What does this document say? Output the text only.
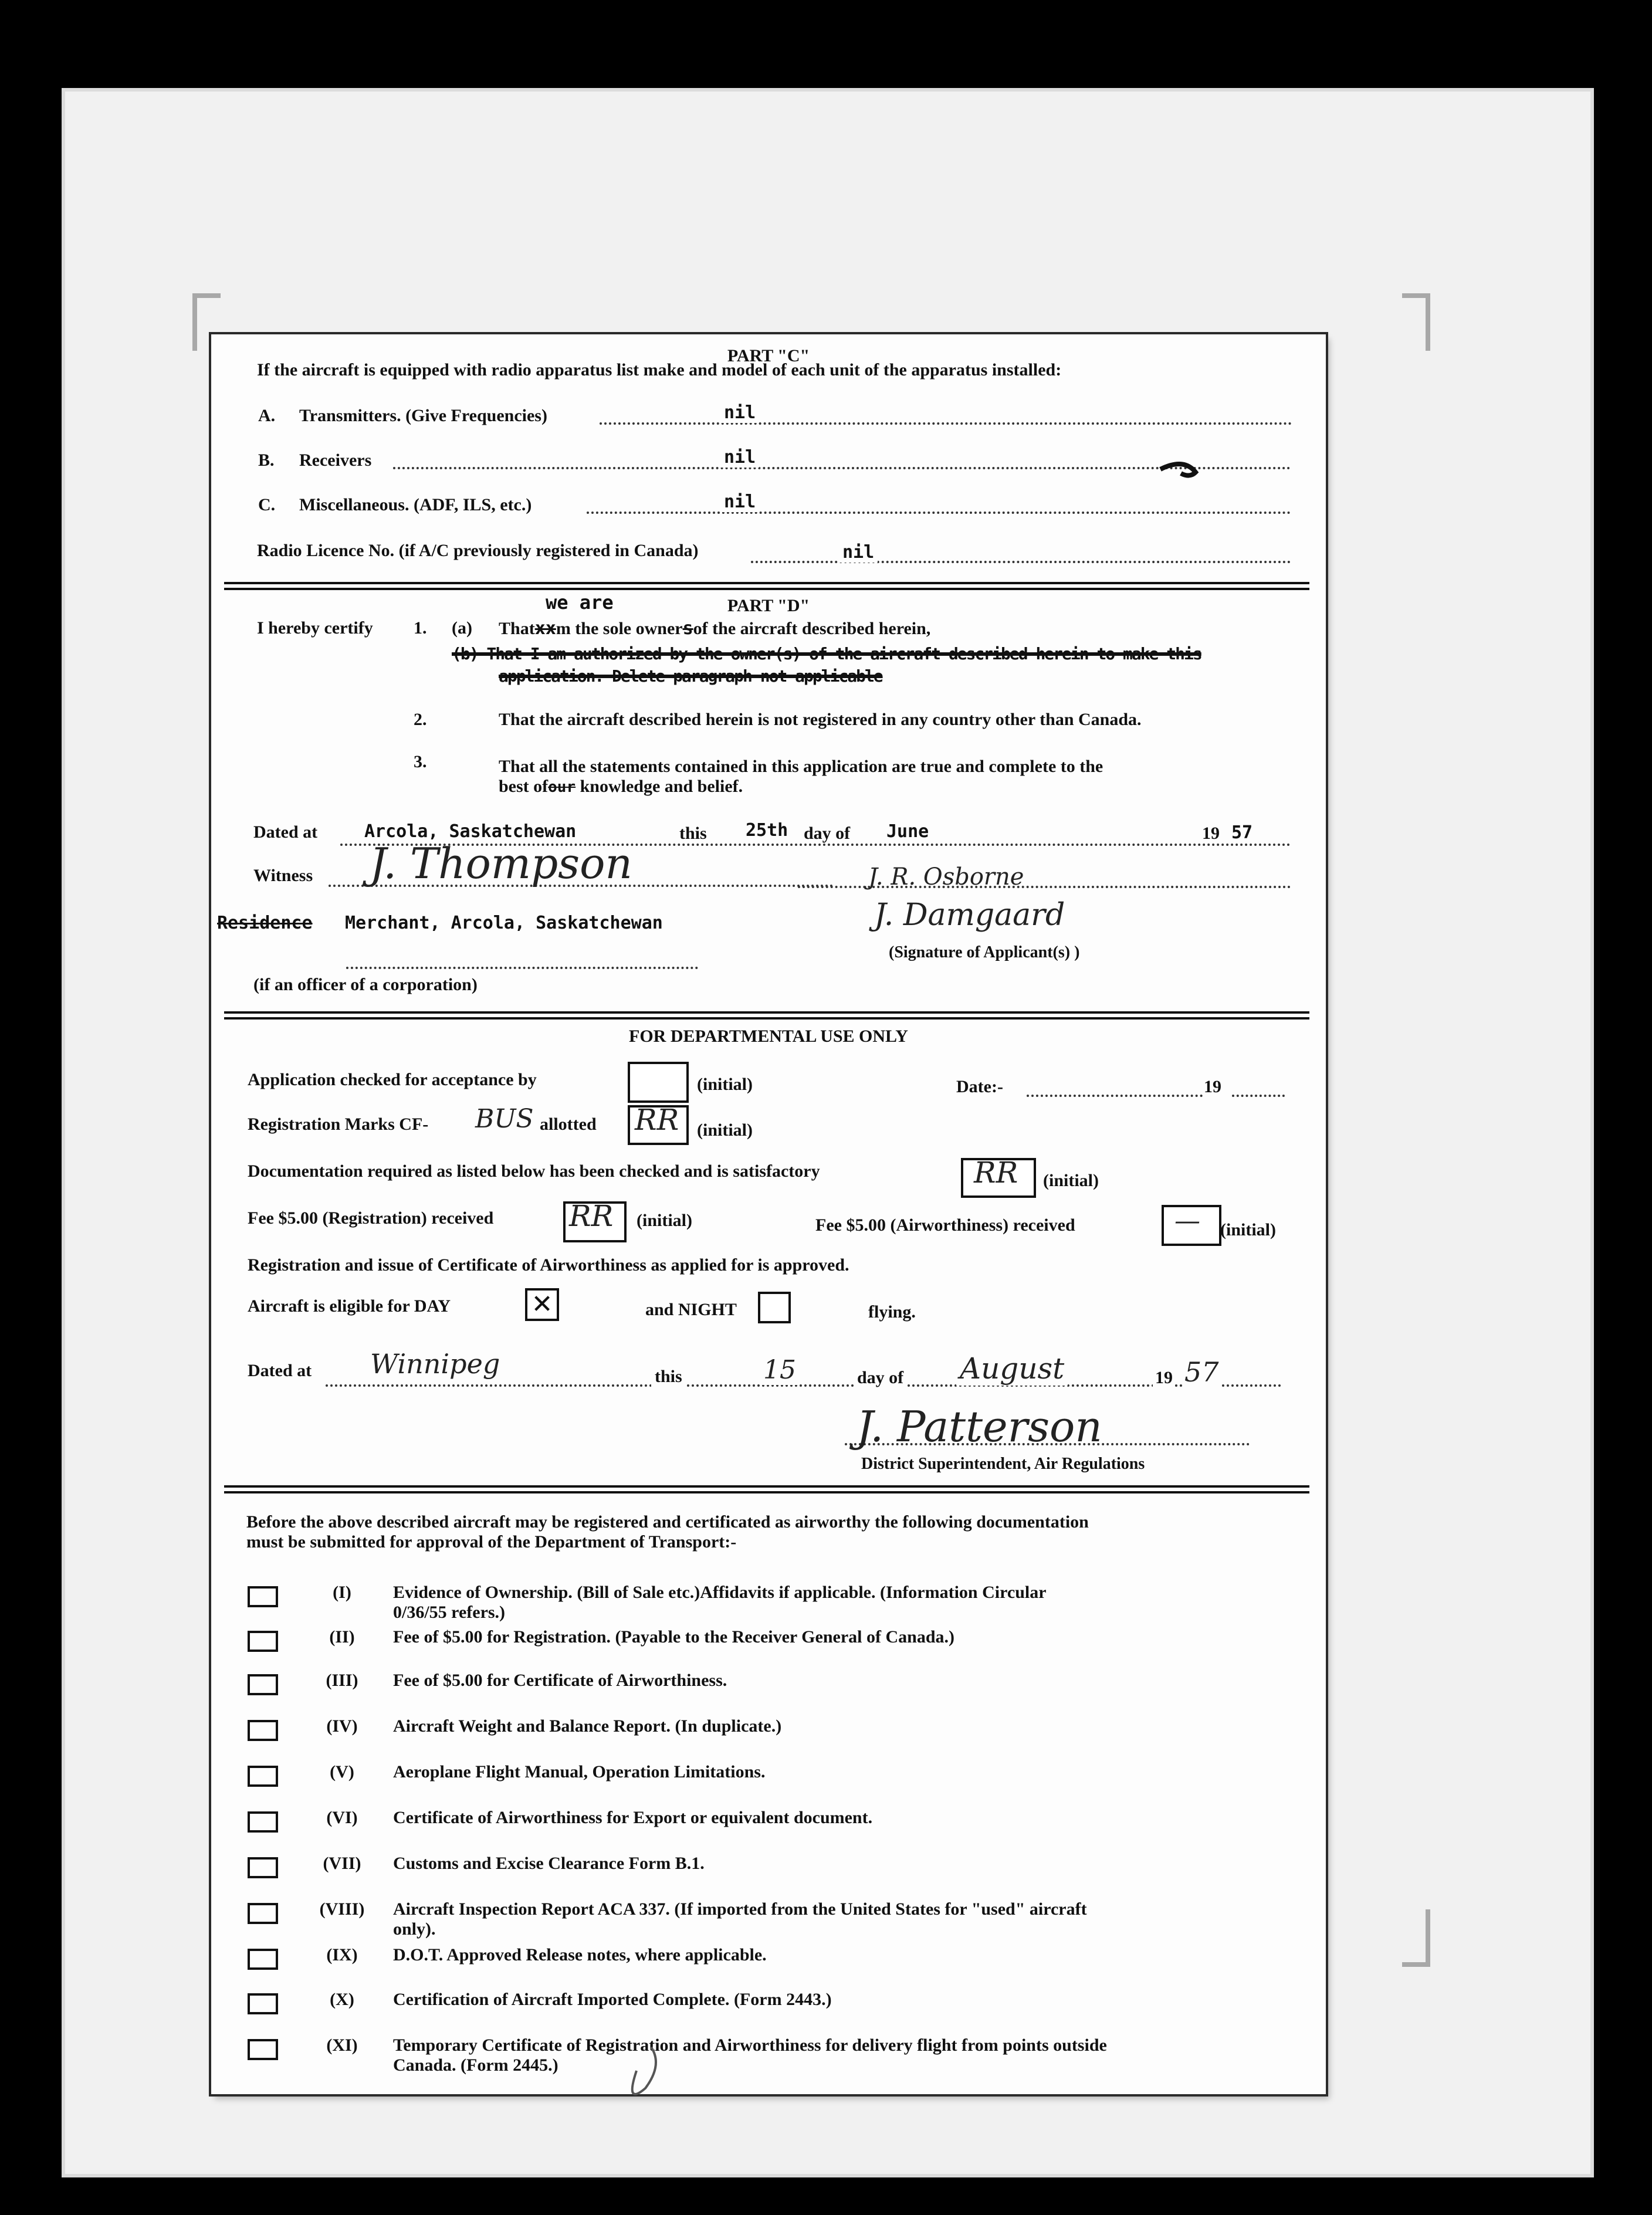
PART "C"
If the aircraft is equipped with radio apparatus list make and model of each unit of the apparatus installed:
A. Transmitters. (Give Frequencies)	nil
B. Receivers	nil
C. Miscellaneous. (ADF, ILS, etc.)	nil
Radio Licence No. (if A/C previously registered in Canada)	nil
we are	PART "D"
I hereby certify 1. (a) Thatxxm the sole ownersof the aircraft described herein,
(b) That I am authorized by the owner(s) of the aircraft described herein to make this
application. Delete paragraph not applicable
2.	That the aircraft described herein is not registered in any country other than Canada.
3.	That all the statements contained in this application are true and complete to the
best ofour knowledge and belief.
Dated at	Arcola, Saskatchewan	this 25th day of June	19 57
Witness J. Thompson	J. R. Osborne
Residence Merchant, Arcola, Saskatchewan	J. Damgaard
(Signature of Applicant(s) )
(if an officer of a corporation)
FOR DEPARTMENTAL USE ONLY
Application checked for acceptance by	(initial)	Date:-	19
Registration Marks CF- BUS allotted RR (initial)
Documentation required as listed below has been checked and is satisfactory	RR (initial)
Fee $5.00 (Registration) received	RR (initial)	Fee $5.00 (Airworthiness) received	— (initial)
Registration and issue of Certificate of Airworthiness as applied for is approved.
Aircraft is eligible for DAY	✕	and NIGHT	flying.
Dated at Winnipeg	this	15	day of August	19 57
J. Patterson
District Superintendent, Air Regulations
Before the above described aircraft may be registered and certificated as airworthy the following documentation
must be submitted for approval of the Department of Transport:-
(I)	Evidence of Ownership. (Bill of Sale etc.)Affidavits if applicable. (Information Circular
0/36/55 refers.)
(II)	Fee of $5.00 for Registration. (Payable to the Receiver General of Canada.)
(III)	Fee of $5.00 for Certificate of Airworthiness.
(IV)	Aircraft Weight and Balance Report. (In duplicate.)
(V)	Aeroplane Flight Manual, Operation Limitations.
(VI)	Certificate of Airworthiness for Export or equivalent document.
(VII)	Customs and Excise Clearance Form B.1.
(VIII)	Aircraft Inspection Report ACA 337. (If imported from the United States for "used" aircraft
only).
(IX)	D.O.T. Approved Release notes, where applicable.
(X)	Certification of Aircraft Imported Complete. (Form 2443.)
(XI)	Temporary Certificate of Registration and Airworthiness for delivery flight from points outside
Canada. (Form 2445.)
